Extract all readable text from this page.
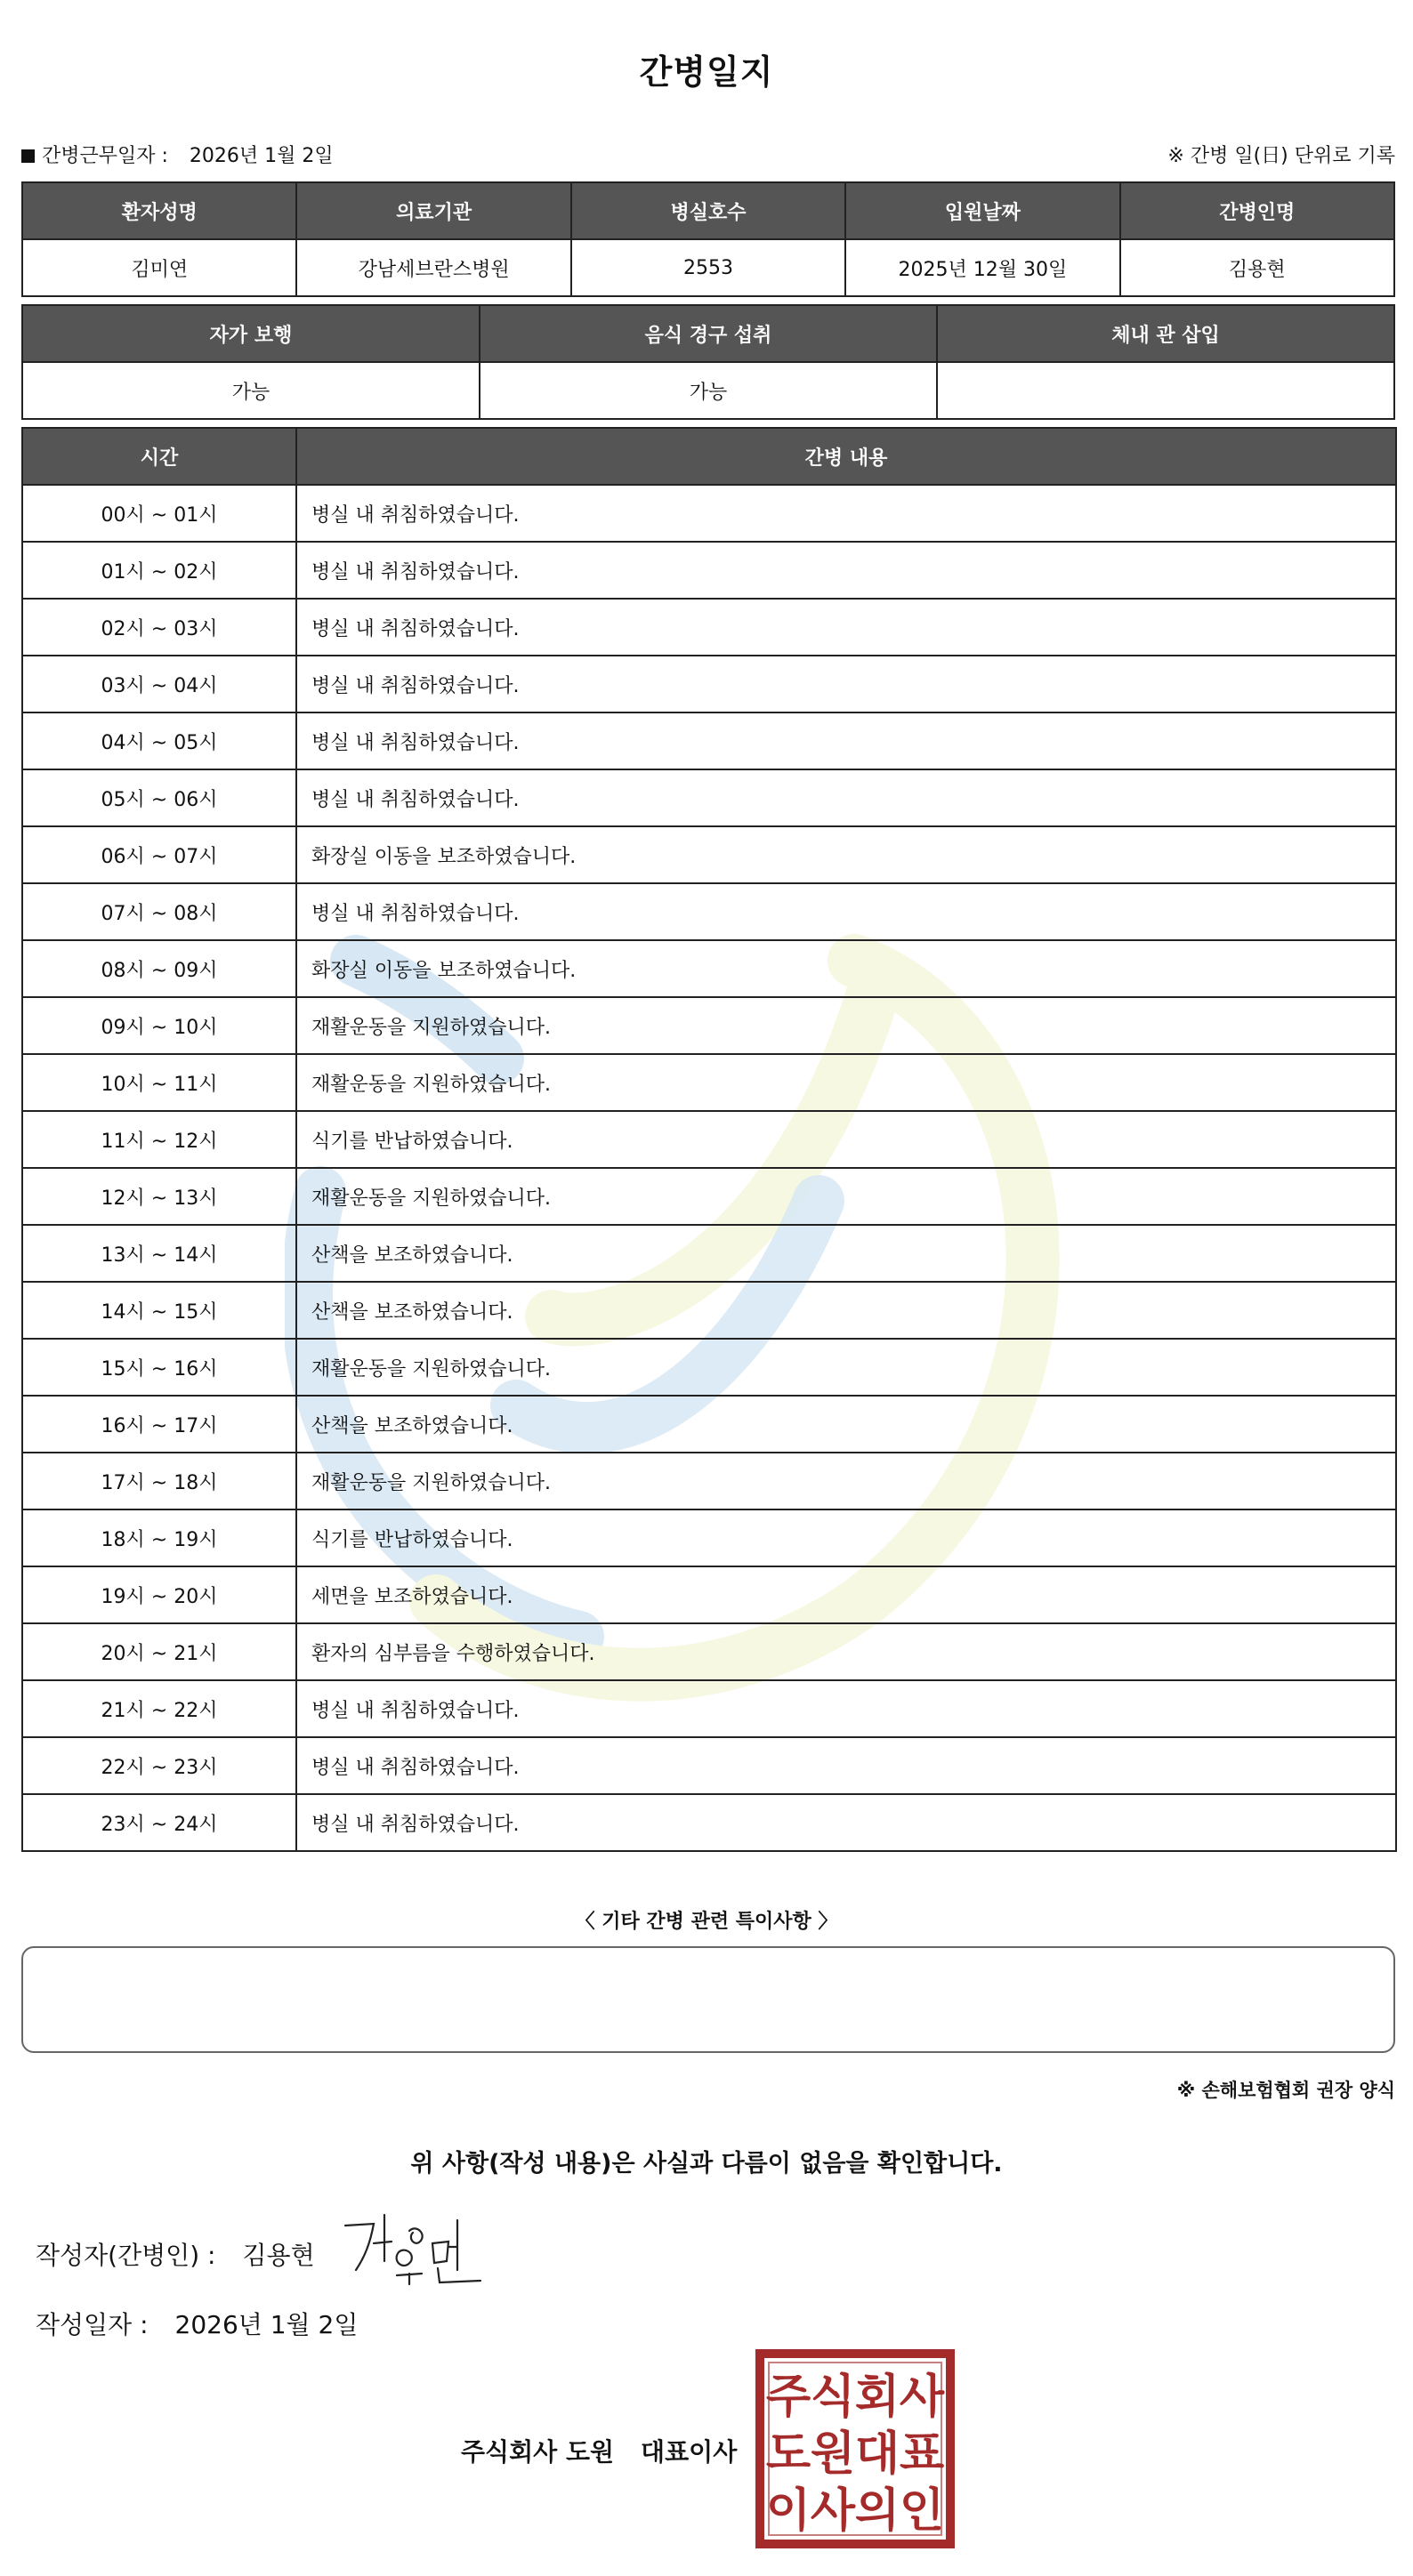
간병일지
간병근무일자 : 2026년 1월 2일	※ 간병 일(日) 단위로 기록
환자성명	의료기관	병실호수	입원날짜	간병인명
김미연	강남세브란스병원	2553	2025년 12월 30일	김용현
자가 보행	음식 경구 섭취	체내 관 삽입
가능	가능	
시간	간병 내용
00시 ~ 01시	병실 내 취침하였습니다.
01시 ~ 02시	병실 내 취침하였습니다.
02시 ~ 03시	병실 내 취침하였습니다.
03시 ~ 04시	병실 내 취침하였습니다.
04시 ~ 05시	병실 내 취침하였습니다.
05시 ~ 06시	병실 내 취침하였습니다.
06시 ~ 07시	화장실 이동을 보조하였습니다.
07시 ~ 08시	병실 내 취침하였습니다.
08시 ~ 09시	화장실 이동을 보조하였습니다.
09시 ~ 10시	재활운동을 지원하였습니다.
10시 ~ 11시	재활운동을 지원하였습니다.
11시 ~ 12시	식기를 반납하였습니다.
12시 ~ 13시	재활운동을 지원하였습니다.
13시 ~ 14시	산책을 보조하였습니다.
14시 ~ 15시	산책을 보조하였습니다.
15시 ~ 16시	재활운동을 지원하였습니다.
16시 ~ 17시	산책을 보조하였습니다.
17시 ~ 18시	재활운동을 지원하였습니다.
18시 ~ 19시	식기를 반납하였습니다.
19시 ~ 20시	세면을 보조하였습니다.
20시 ~ 21시	환자의 심부름을 수행하였습니다.
21시 ~ 22시	병실 내 취침하였습니다.
22시 ~ 23시	병실 내 취침하였습니다.
23시 ~ 24시	병실 내 취침하였습니다.
〈 기타 간병 관련 특이사항 〉
※ 손해보험협회 권장 양식
위 사항(작성 내용)은 사실과 다름이 없음을 확인합니다.
작성자(간병인) : 김용현
작성일자 : 2026년 1월 2일
주식회사 도원 대표이사
주 식 회 사
도 원 대 표
이 사 의 인
